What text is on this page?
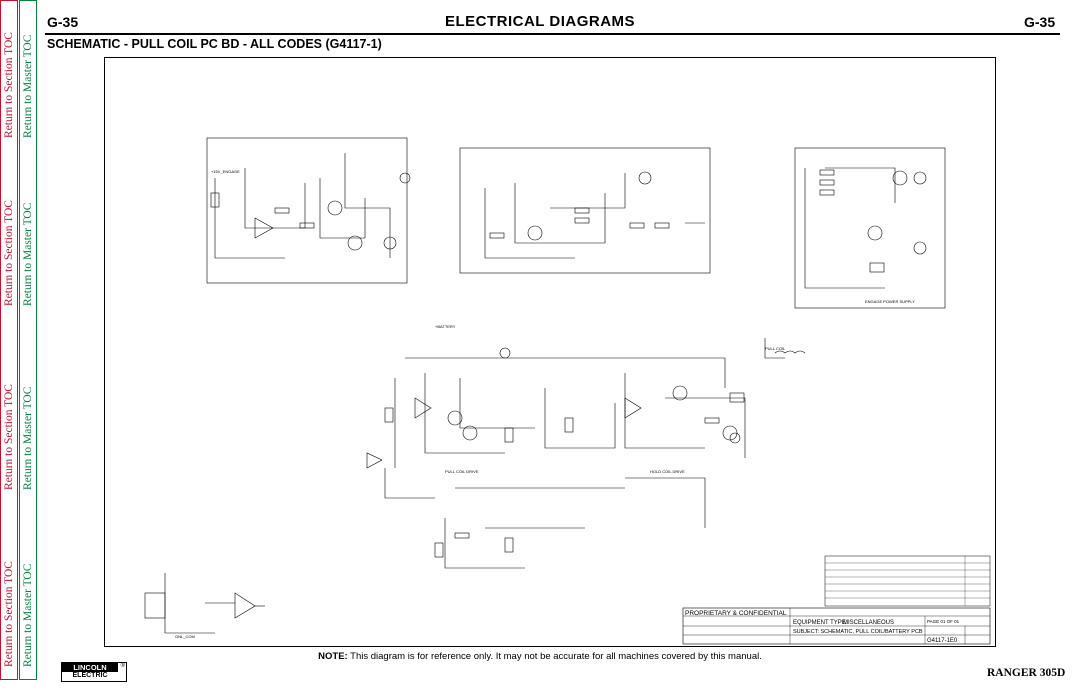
Return to Section TOC Return to Master TOC
Return to Section TOC Return to Master TOC
Return to Section TOC Return to Master TOC
Return to Section TOC Return to Master TOC
G-35	ELECTRICAL DIAGRAMS	G-35
SCHEMATIC - PULL COIL PC BD - ALL CODES (G4117-1)
+15V_ENGAGE
+BATTERY
PULL COIL
ENGAGE POWER SUPPLY
PULL COIL DRIVE	HOLD COIL DRIVE
GNL_COM
PROPRIETARY & CONFIDENTIAL
EQUIPMENT TYPE:
MISCELLANEOUS
SUBJECT: SCHEMATIC, PULL COIL/BATTERY PCB
G4117-1E0
PAGE 01 OF 01
NOTE: This diagram is for reference only. It may not be accurate for all machines covered by this manual.
LINCOLN
ELECTRIC
®
RANGER 305D
